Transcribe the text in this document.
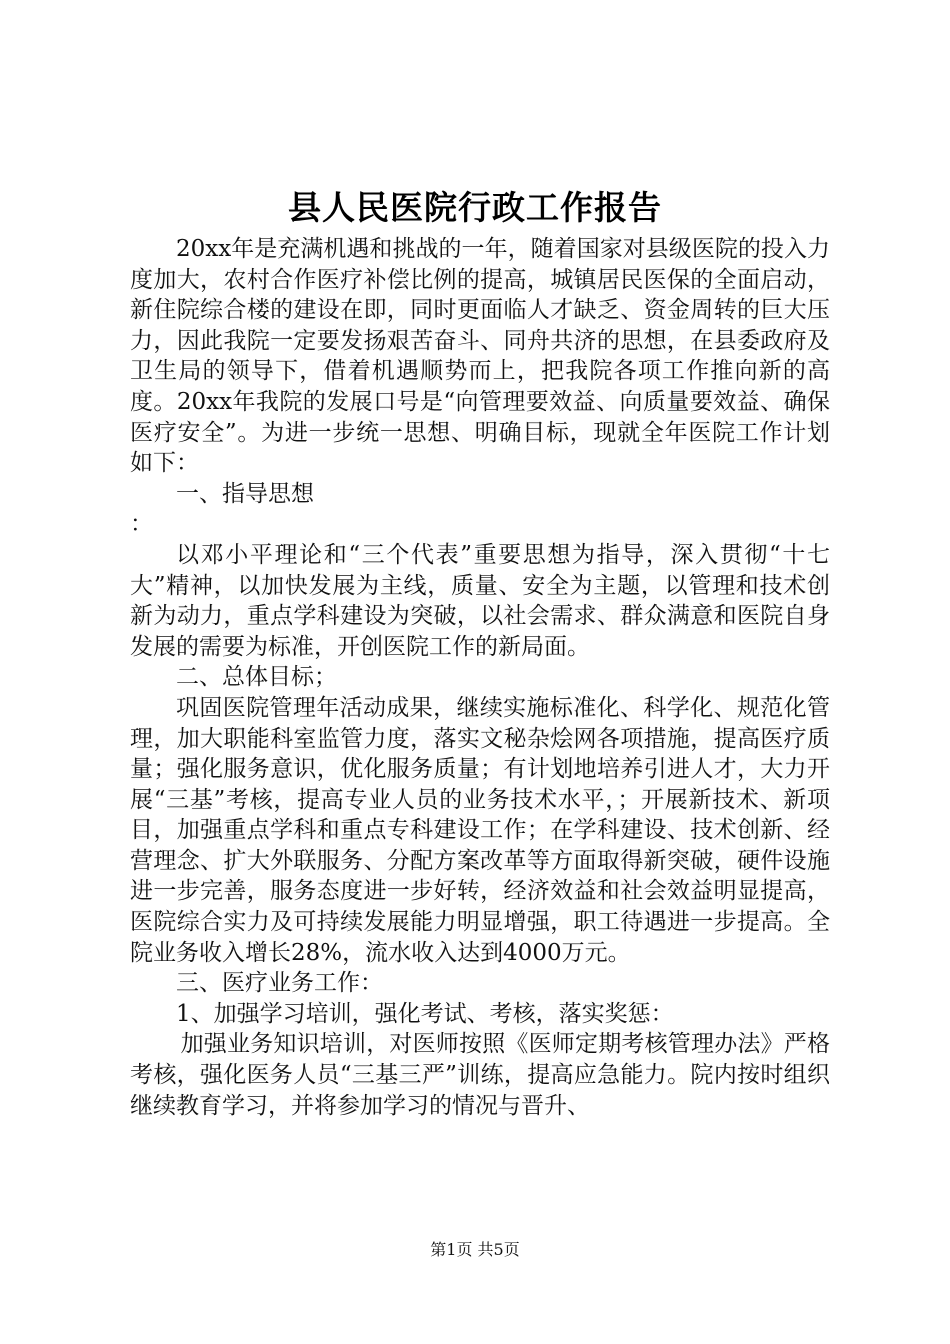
县人民医院行政工作报告

20xx年是充满机遇和挑战的一年，随着国家对县级医院的投入力度加大，农村合作医疗补偿比例的提高，城镇居民医保的全面启动，新住院综合楼的建设在即，同时更面临人才缺乏、资金周转的巨大压力，因此我院一定要发扬艰苦奋斗、同舟共济的思想，在县委政府及卫生局的领导下，借着机遇顺势而上，把我院各项工作推向新的高度。20xx年我院的发展口号是“向管理要效益、向质量要效益、确保医疗安全”。为进一步统一思想、明确目标，现就全年医院工作计划如下：

一、指导思想

：

以邓小平理论和“三个代表”重要思想为指导，深入贯彻“十七大”精神，以加快发展为主线，质量、安全为主题，以管理和技术创新为动力，重点学科建设为突破，以社会需求、群众满意和医院自身发展的需要为标准，开创医院工作的新局面。

二、总体目标；

巩固医院管理年活动成果，继续实施标准化、科学化、规范化管理，加大职能科室监管力度，落实文秘杂烩网各项措施，提高医疗质量；强化服务意识，优化服务质量；有计划地培养引进人才，大力开展“三基”考核，提高专业人员的业务技术水平，；开展新技术、新项目，加强重点学科和重点专科建设工作；在学科建设、技术创新、经营理念、扩大外联服务、分配方案改革等方面取得新突破，硬件设施进一步完善，服务态度进一步好转，经济效益和社会效益明显提高，医院综合实力及可持续发展能力明显增强，职工待遇进一步提高。全院业务收入增长28%，流水收入达到4000万元。

三、医疗业务工作：

1、加强学习培训，强化考试、考核，落实奖惩：

加强业务知识培训，对医师按照《医师定期考核管理办法》严格考核，强化医务人员“三基三严”训练，提高应急能力。院内按时组织继续教育学习，并将参加学习的情况与晋升、

第1页 共5页
